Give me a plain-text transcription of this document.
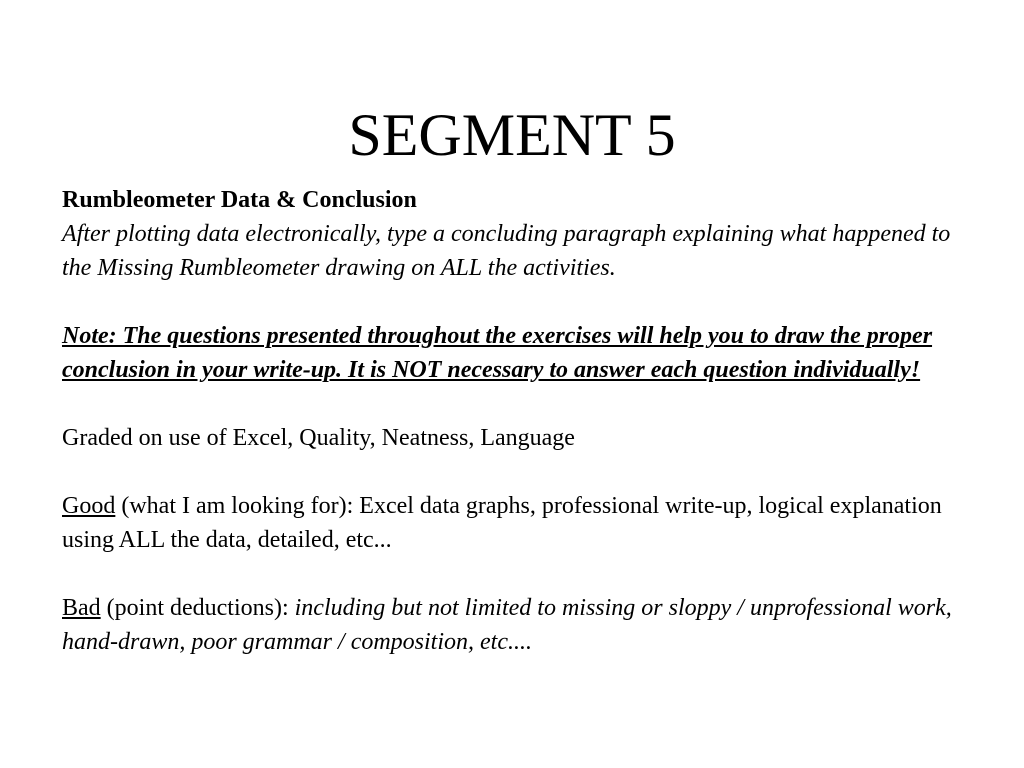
SEGMENT 5

Rumbleometer Data & Conclusion

After plotting data electronically, type a concluding paragraph explaining what happened to the Missing Rumbleometer drawing on ALL the activities.

Note: The questions presented throughout the exercises will help you to draw the proper conclusion in your write-up. It is NOT necessary to answer each question individually!

Graded on use of Excel, Quality, Neatness, Language

Good (what I am looking for): Excel data graphs, professional write-up, logical explanation using ALL the data, detailed, etc...

Bad (point deductions): including but not limited to missing or sloppy / unprofessional work, hand-drawn, poor grammar / composition, etc....
